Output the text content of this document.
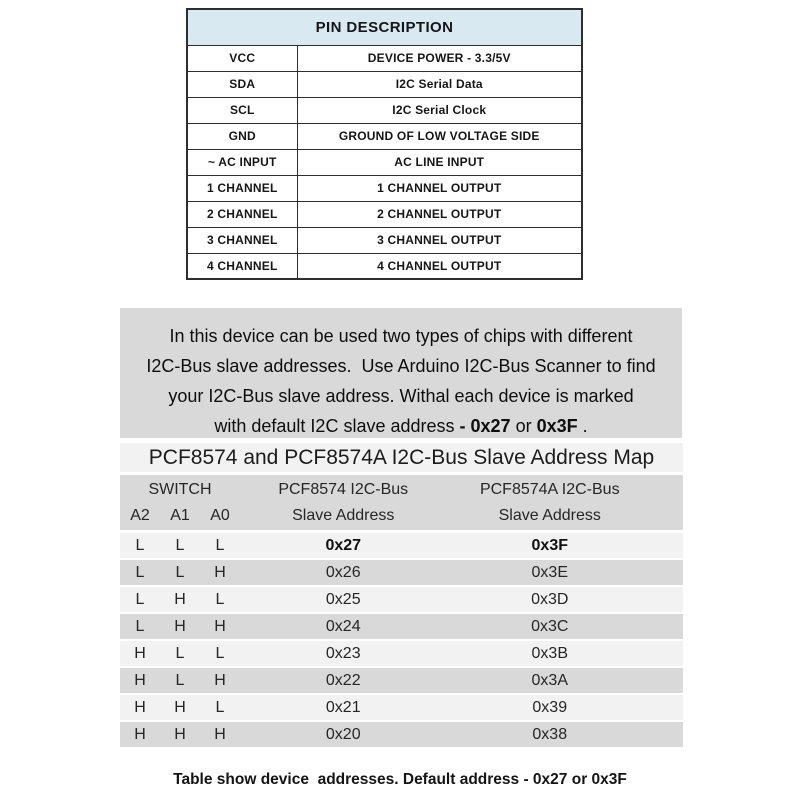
PIN DESCRIPTION	
VCC	DEVICE POWER - 3.3/5V
SDA	I2C Serial Data
SCL	I2C Serial Clock
GND	GROUND OF LOW VOLTAGE SIDE
~ AC INPUT	AC LINE INPUT
1 CHANNEL	1 CHANNEL OUTPUT
2 CHANNEL	2 CHANNEL OUTPUT
3 CHANNEL	3 CHANNEL OUTPUT
4 CHANNEL	4 CHANNEL OUTPUT
In this device can be used two types of chips with different
I2C-Bus slave addresses.  Use Arduino I2C-Bus Scanner to find
your I2C-Bus slave address. Withal each device is marked
with default I2C slave address - 0x27 or 0x3F .
PCF8574 and PCF8574A I2C-Bus Slave Address Map
SWITCH	PCF8574 I2C-Bus	PCF8574A I2C-Bus
A2	A1	A0	Slave Address	Slave Address
L	L	L	0x27	0x3F
L	L	H	0x26	0x3E
L	H	L	0x25	0x3D
L	H	H	0x24	0x3C
H	L	L	0x23	0x3B
H	L	H	0x22	0x3A
H	H	L	0x21	0x39
H	H	H	0x20	0x38
Table show device  addresses. Default address - 0x27 or 0x3F
